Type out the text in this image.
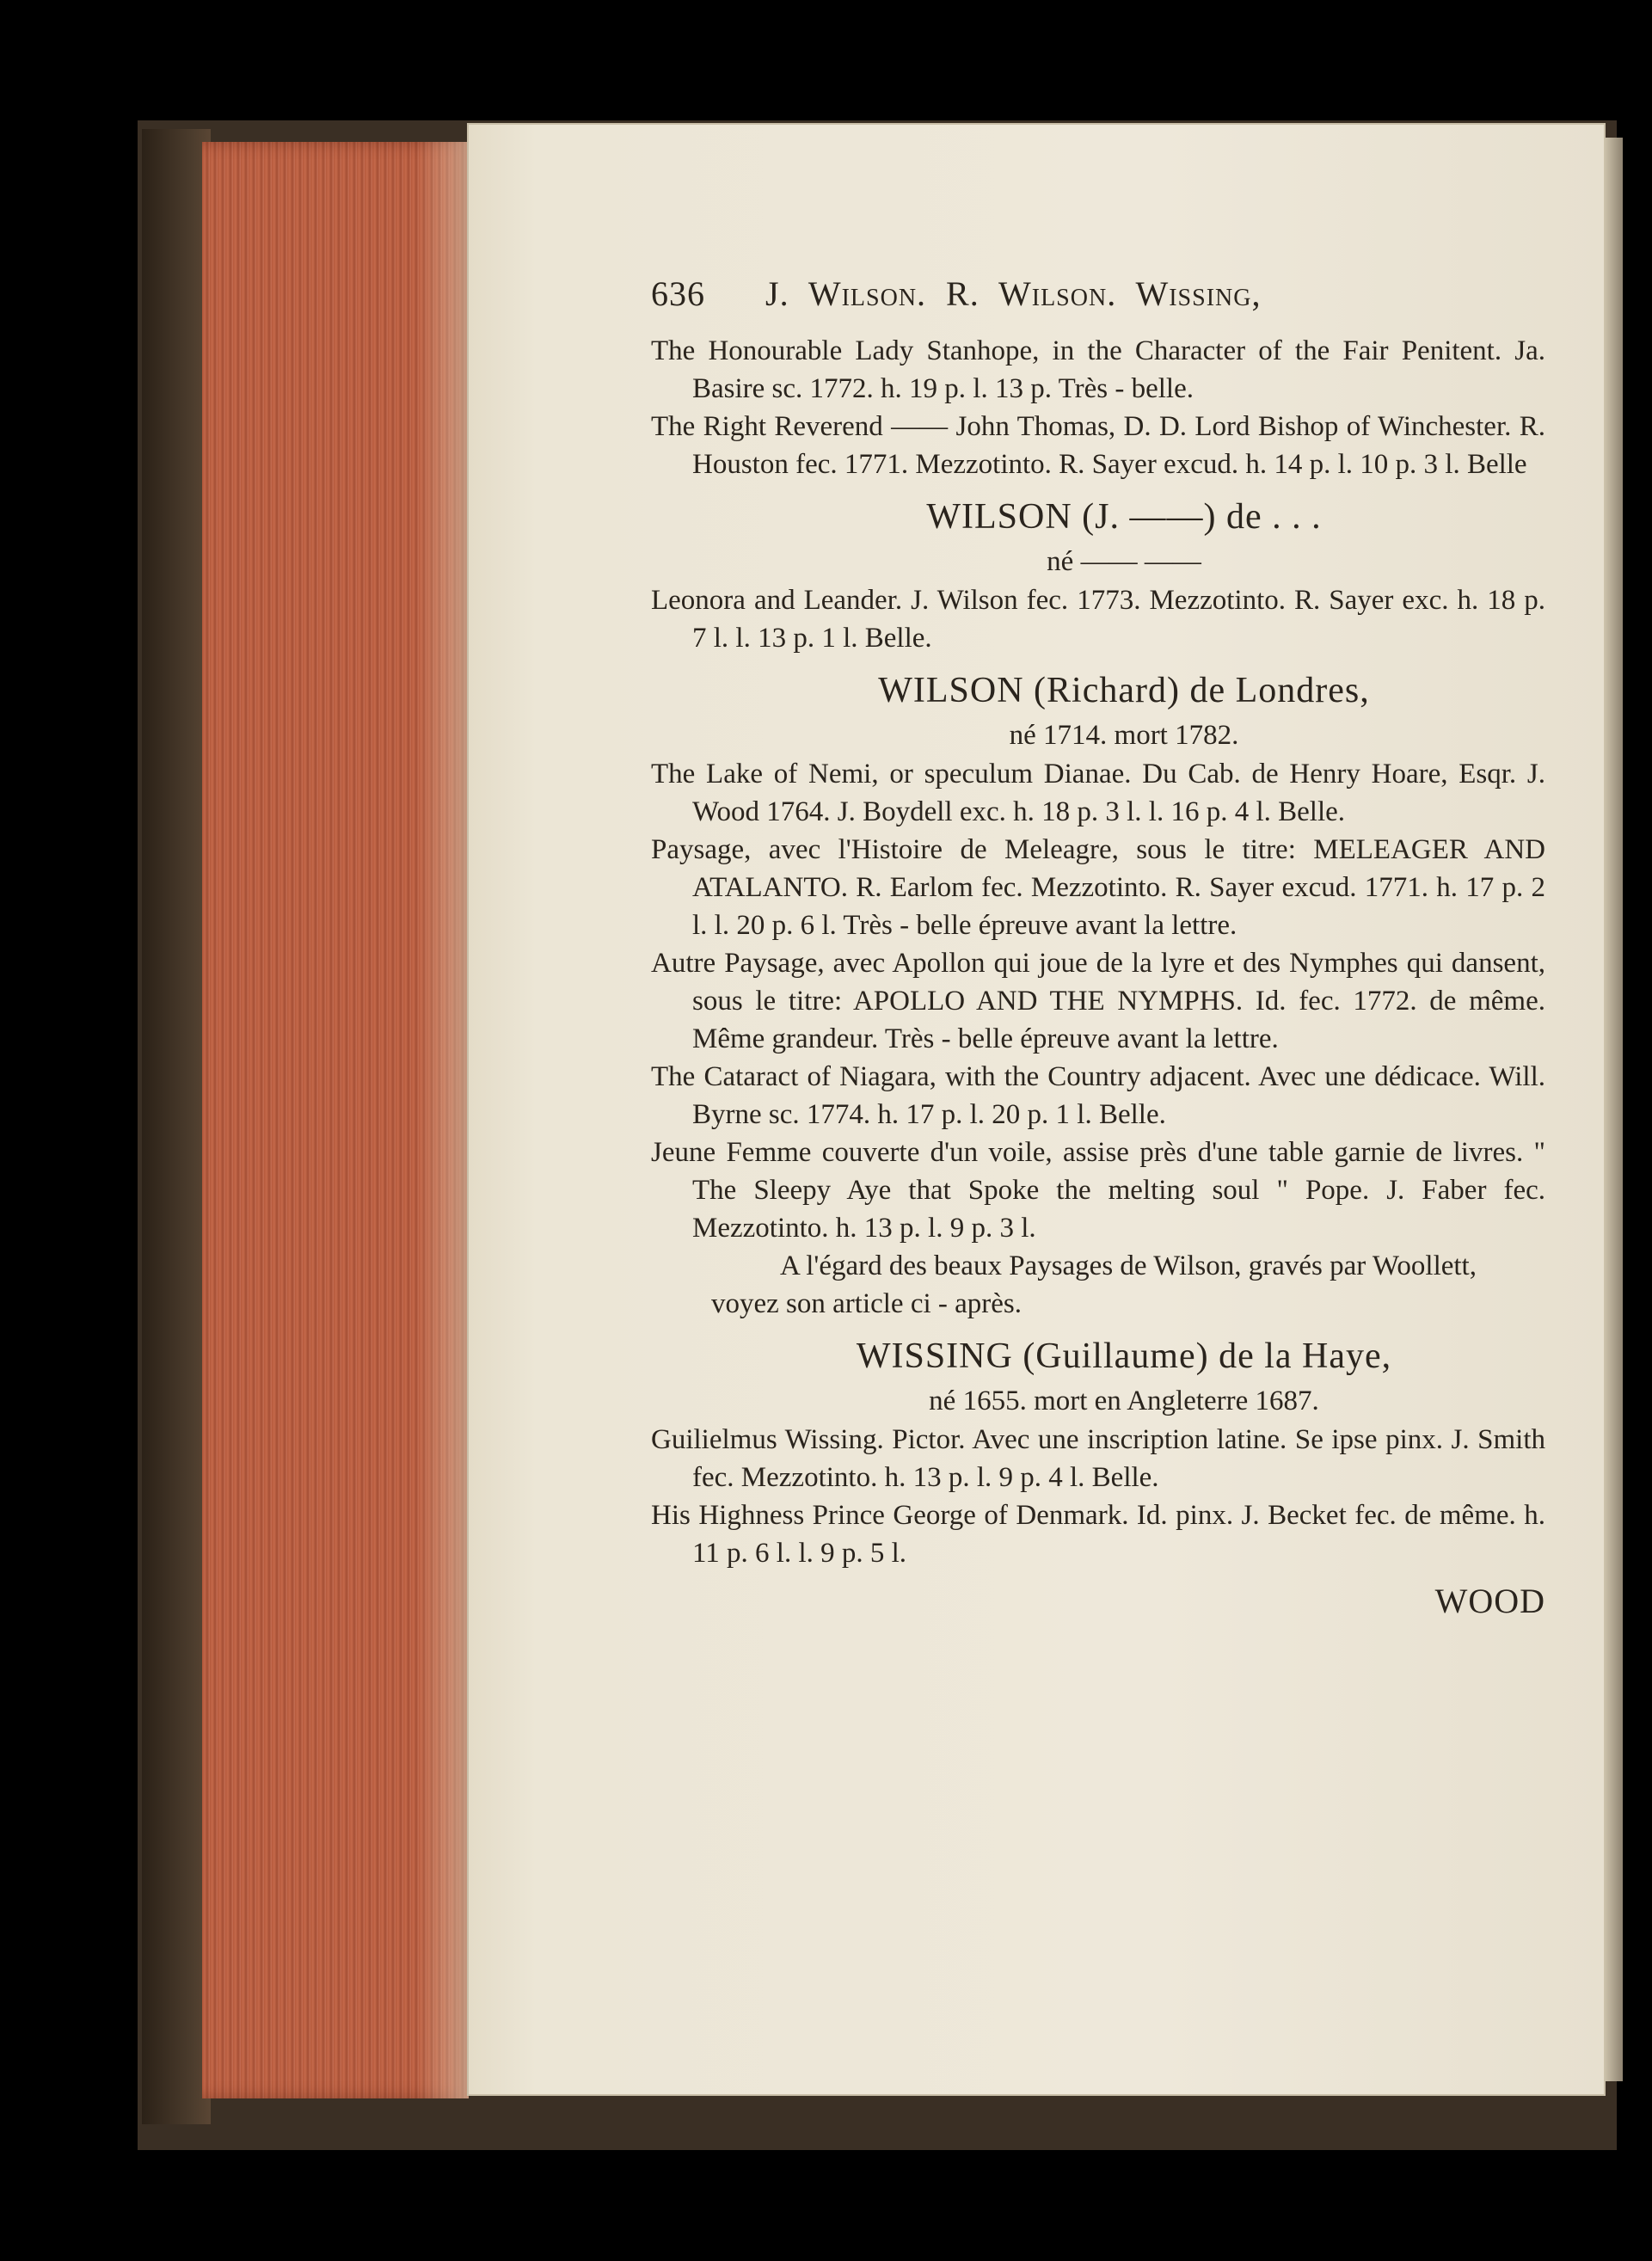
636 J. Wilson. R. Wilson. Wissing,
The Honourable Lady Stanhope, in the Character of the Fair Penitent. Ja. Basire sc. 1772. h. 19 p. l. 13 p. Très - belle.
The Right Reverend —— John Thomas, D. D. Lord Bishop of Winchester. R. Houston fec. 1771. Mezzotinto. R. Sayer excud. h. 14 p. l. 10 p. 3 l. Belle
WILSON (J. ——) de . . .
né —— ——
Leonora and Leander. J. Wilson fec. 1773. Mezzotinto. R. Sayer exc. h. 18 p. 7 l. l. 13 p. 1 l. Belle.
WILSON (Richard) de Londres,
né 1714. mort 1782.
The Lake of Nemi, or speculum Dianae. Du Cab. de Henry Hoare, Esqr. J. Wood 1764. J. Boydell exc. h. 18 p. 3 l. l. 16 p. 4 l. Belle.
Paysage, avec l'Histoire de Meleagre, sous le titre: MELEAGER AND ATALANTO. R. Earlom fec. Mezzotinto. R. Sayer excud. 1771. h. 17 p. 2 l. l. 20 p. 6 l. Très - belle épreuve avant la lettre.
Autre Paysage, avec Apollon qui joue de la lyre et des Nymphes qui dansent, sous le titre: APOLLO AND THE NYMPHS. Id. fec. 1772. de même. Même grandeur. Très - belle épreuve avant la lettre.
The Cataract of Niagara, with the Country adjacent. Avec une dédicace. Will. Byrne sc. 1774. h. 17 p. l. 20 p. 1 l. Belle.
Jeune Femme couverte d'un voile, assise près d'une table garnie de livres. " The Sleepy Aye that Spoke the melting soul " Pope. J. Faber fec. Mezzotinto. h. 13 p. l. 9 p. 3 l.
A l'égard des beaux Paysages de Wilson, gravés par Woollett, voyez son article ci - après.
WISSING (Guillaume) de la Haye,
né 1655. mort en Angleterre 1687.
Guilielmus Wissing. Pictor. Avec une inscription latine. Se ipse pinx. J. Smith fec. Mezzotinto. h. 13 p. l. 9 p. 4 l. Belle.
His Highness Prince George of Denmark. Id. pinx. J. Becket fec. de même. h. 11 p. 6 l. l. 9 p. 5 l.
WOOD
